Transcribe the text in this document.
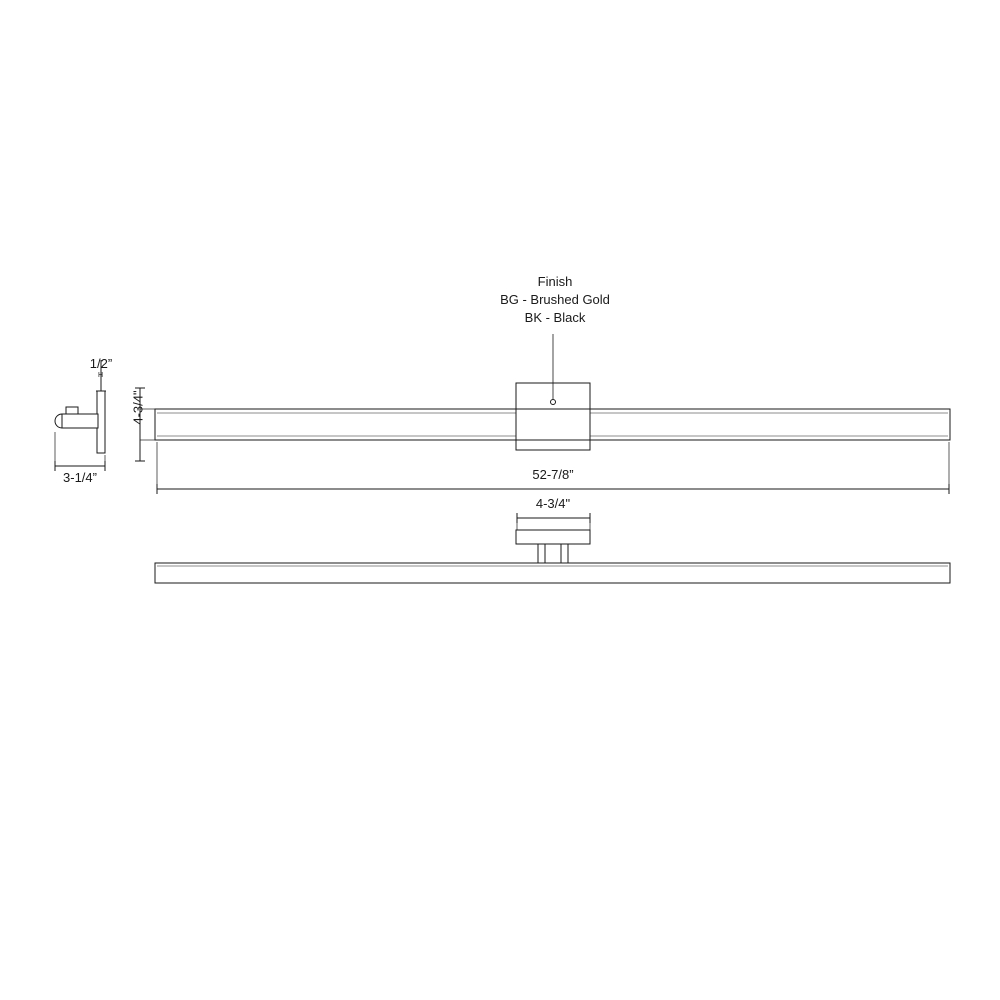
Finish
BG - Brushed Gold
BK - Black
1/2”
H
3-1/4”
4-3/4"
52-7/8”
4-3/4"
